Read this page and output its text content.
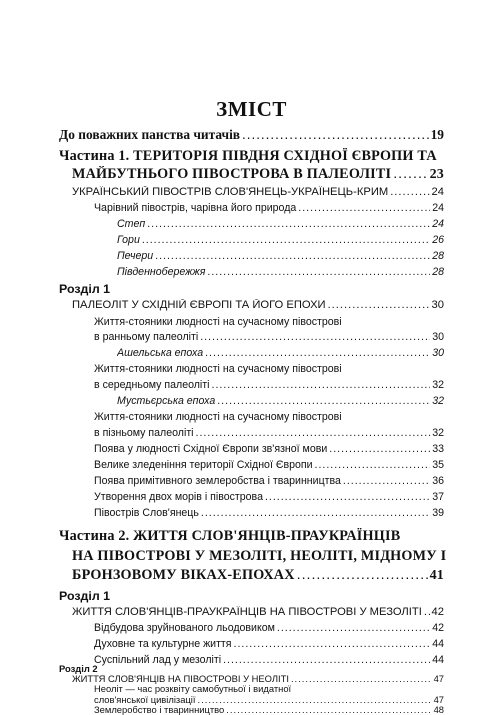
ЗМІСТ
До поважних панства читачів .....	19
Частина 1. ТЕРИТОРІЯ ПІВДНЯ СХІДНОЇ ЄВРОПИ ТА
МАЙБУТНЬОГО ПІВОСТРОВА В ПАЛЕОЛІТІ .....	23
УКРАЇНСЬКИЙ ПІВОСТРІВ СЛОВ'ЯНЕЦЬ-УКРАЇНЕЦЬ-КРИМ .....	24
Чарівний півострів, чарівна його природа .....	24
Степ .....	24
Гори .....	26
Печери .....	28
Південнобережжя .....	28
Розділ 1
ПАЛЕОЛІТ У СХІДНІЙ ЄВРОПІ ТА ЙОГО ЕПОХИ .....	30
Життя-стояники людності на сучасному півострові
в ранньому палеоліті .....	30
Ашельська епоха .....	30
Життя-стояники людності на сучасному півострові
в середньому палеоліті .....	32
Мустьєрська епоха .....	32
Життя-стояники людності на сучасному півострові
в пізньому палеоліті .....	32
Поява у людності Східної Європи зв'язної мови .....	33
Велике зледеніння території Східної Європи .....	35
Поява примітивного землеробства і тваринництва .....	36
Утворення двох морів і півострова .....	37
Півострів Слов'янець .....	39
Частина 2. ЖИТТЯ СЛОВ'ЯНЦІВ-ПРАУКРАЇНЦІВ
НА ПІВОСТРОВІ У МЕЗОЛІТІ, НЕОЛІТІ, МІДНОМУ І
БРОНЗОВОМУ ВІКАХ-ЕПОХАХ .....	41
Розділ 1
ЖИТТЯ СЛОВ'ЯНЦІВ-ПРАУКРАЇНЦІВ НА ПІВОСТРОВІ У МЕЗОЛІТІ ..... 42
Відбудова зруйнованого льодовиком .....	42
Духовне та культурне життя .....	44
Суспільний лад у мезоліті .....	44
Розділ 2
ЖИТТЯ СЛОВ'ЯНЦІВ НА ПІВОСТРОВІ У НЕОЛІТІ .....	47
Неоліт — час розквіту самобутньої і видатної
слов'янської цивілізації .....	47
Землеробство і тваринництво .....	48
